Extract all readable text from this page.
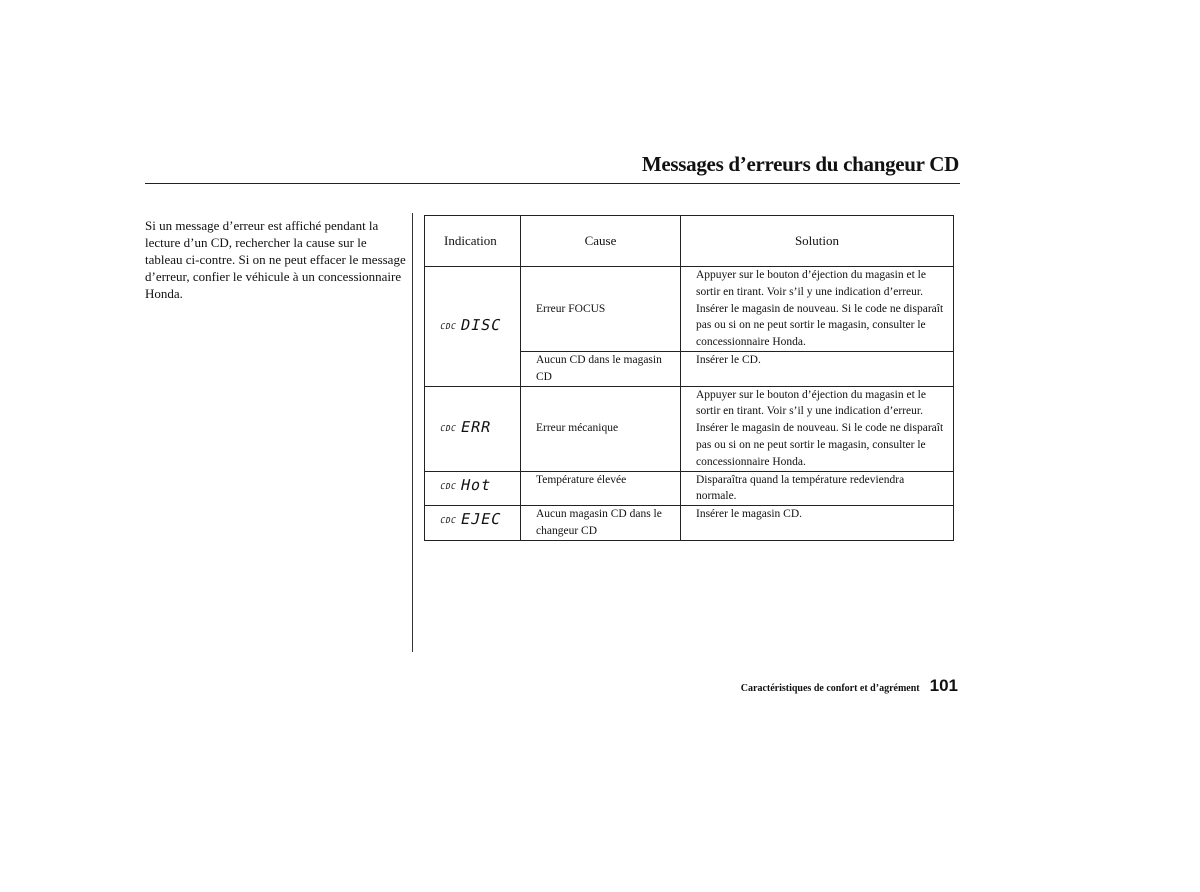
Messages d’erreurs du changeur CD
Si un message d’erreur est affiché pendant la lecture d’un CD, rechercher la cause sur le tableau ci-contre. Si on ne peut effacer le message d’erreur, confier le véhicule à un concessionnaire Honda.
Indication	Cause	Solution

CDC DISC	Erreur FOCUS	Appuyer sur le bouton d’éjection du magasin et le sortir en tirant. Voir s’il y une indication d’erreur. Insérer le magasin de nouveau. Si le code ne disparaît pas ou si on ne peut sortir le magasin, consulter le concessionnaire Honda.
	Aucun CD dans le magasin CD	Insérer le CD.

CDC ERR	Erreur mécanique	Appuyer sur le bouton d’éjection du magasin et le sortir en tirant. Voir s’il y une indication d’erreur. Insérer le magasin de nouveau. Si le code ne disparaît pas ou si on ne peut sortir le magasin, consulter le concessionnaire Honda.

CDC Hot	Température élevée	Disparaîtra quand la température redeviendra normale.

CDC EJEC	Aucun magasin CD dans le changeur CD	Insérer le magasin CD.
Caractéristiques de confort et d’agrément 101
